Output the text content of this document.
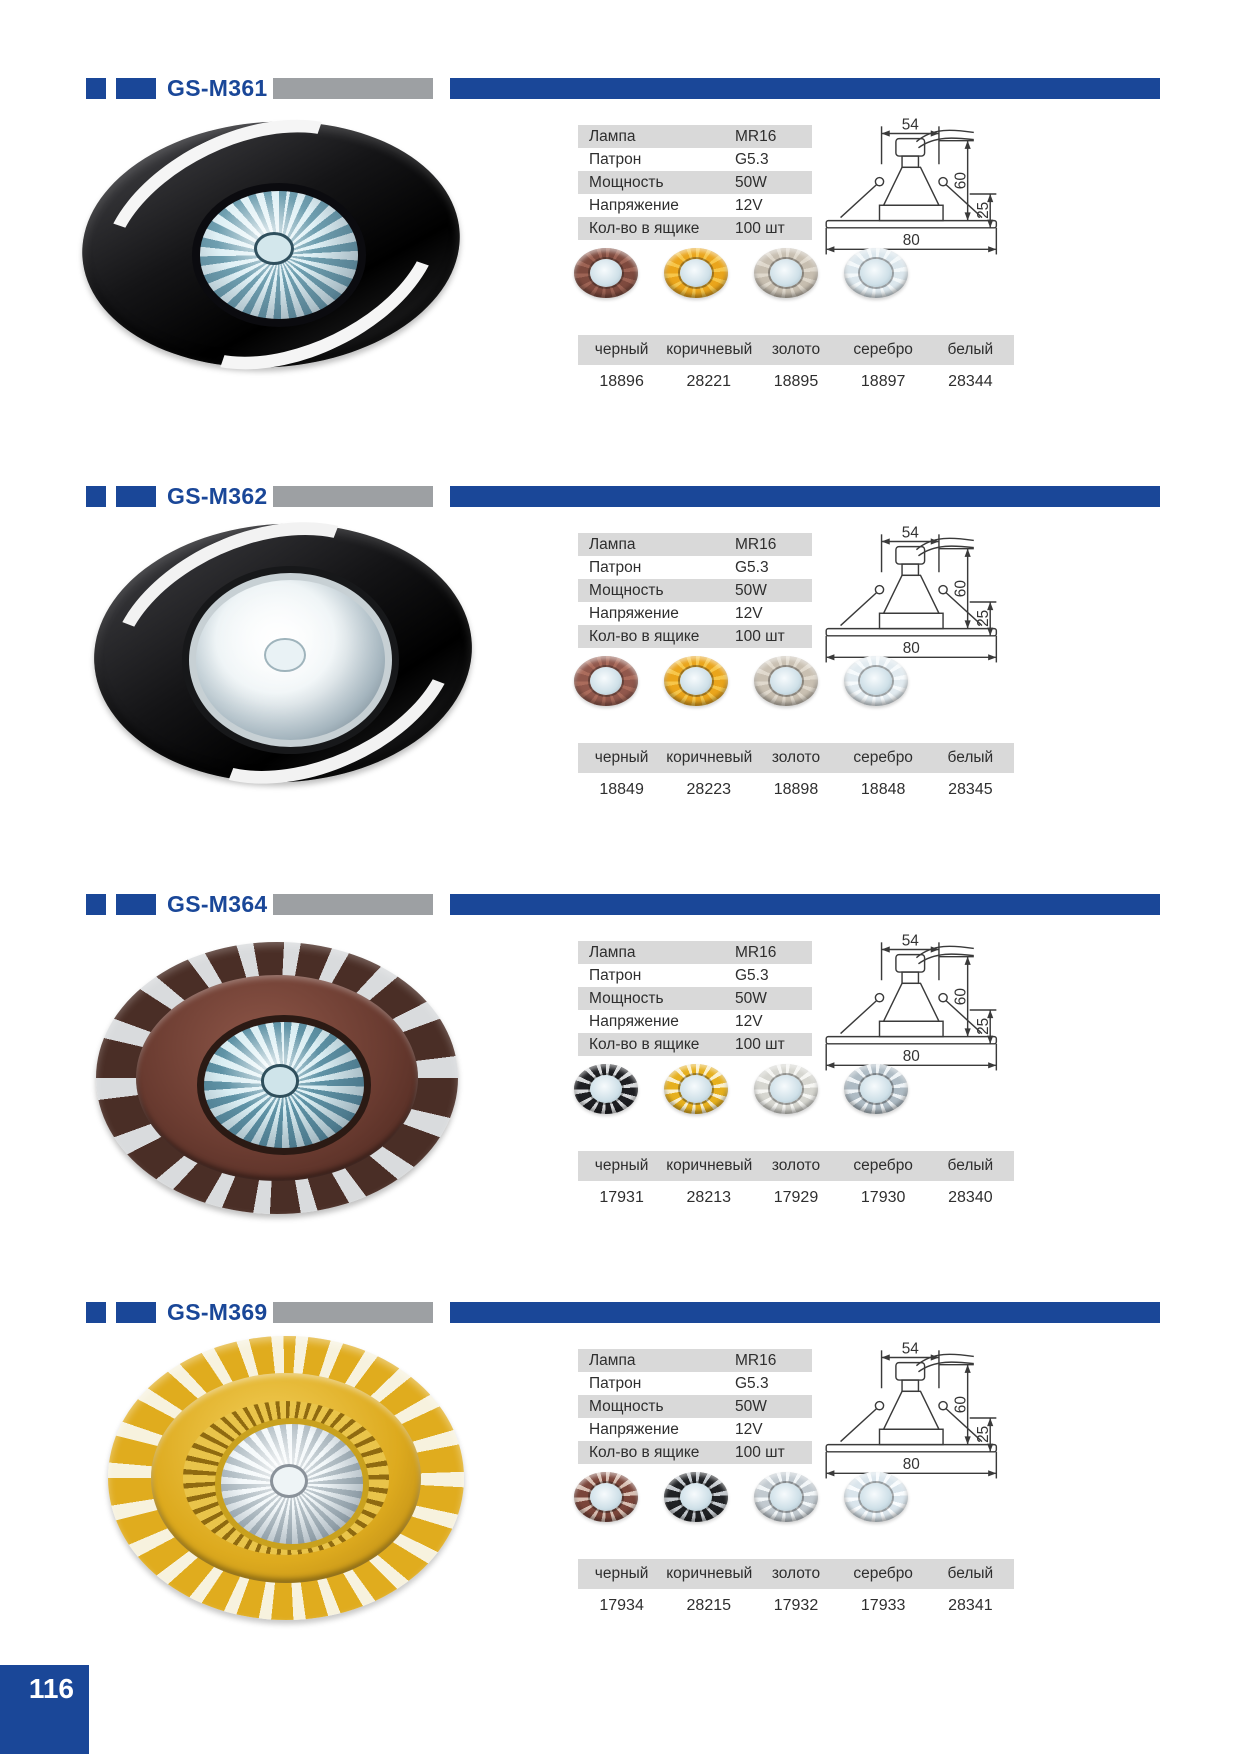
GS-M361
Лампа	MR16
Патрон	G5.3
Мощность	50W
Напряжение	12V
Кол-во в ящике	100 шт
54
60
25
80
черный	коричневый	золото	серебро	белый
18896	28221	18895	18897	28344
GS-M362
Лампа	MR16
Патрон	G5.3
Мощность	50W
Напряжение	12V
Кол-во в ящике	100 шт
54
60
25
80
черный	коричневый	золото	серебро	белый
18849	28223	18898	18848	28345
GS-M364
Лампа	MR16
Патрон	G5.3
Мощность	50W
Напряжение	12V
Кол-во в ящике	100 шт
54
60
25
80
черный	коричневый	золото	серебро	белый
17931	28213	17929	17930	28340
GS-M369
Лампа	MR16
Патрон	G5.3
Мощность	50W
Напряжение	12V
Кол-во в ящике	100 шт
54
60
25
80
черный	коричневый	золото	серебро	белый
17934	28215	17932	17933	28341
116
